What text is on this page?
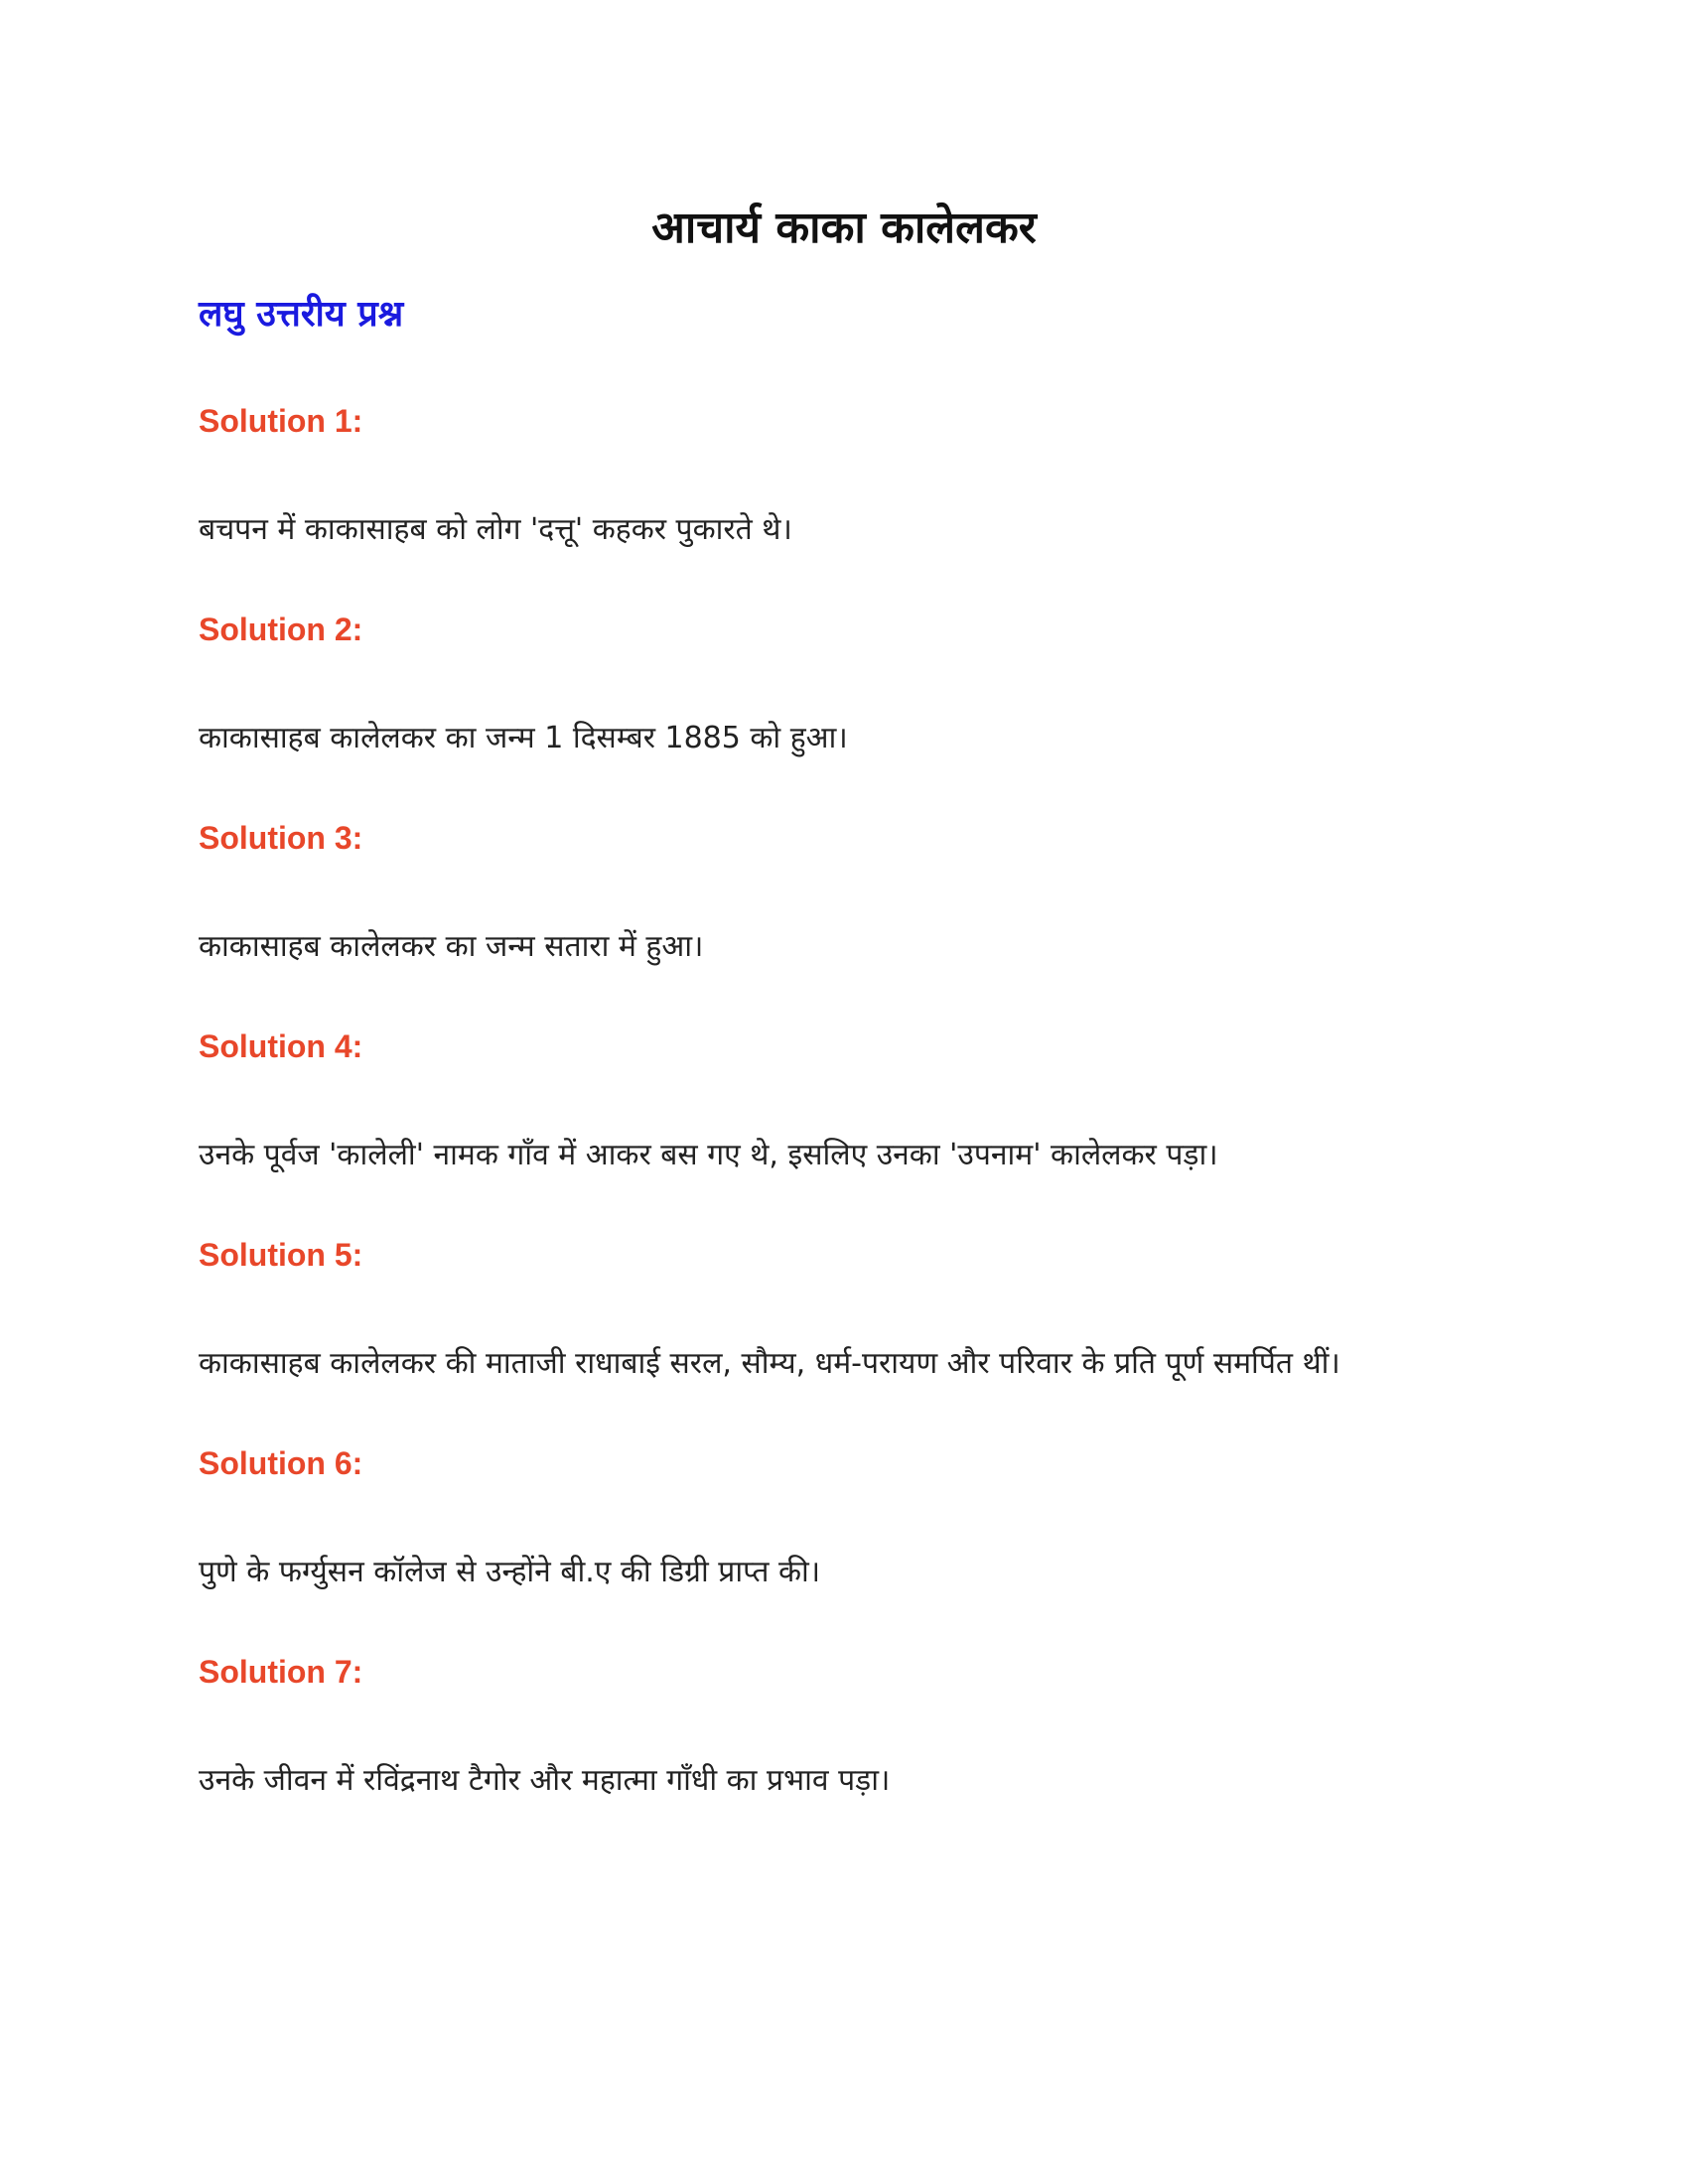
आचार्य काका कालेलकर
लघु उत्तरीय प्रश्न

Solution 1:

बचपन में काकासाहब को लोग 'दत्तू' कहकर पुकारते थे।

Solution 2:

काकासाहब कालेलकर का जन्म 1 दिसम्बर 1885 को हुआ।

Solution 3:

काकासाहब कालेलकर का जन्म सतारा में हुआ।

Solution 4:

उनके पूर्वज 'कालेली' नामक गाँव में आकर बस गए थे, इसलिए उनका 'उपनाम' कालेलकर पड़ा।

Solution 5:

काकासाहब कालेलकर की माताजी राधाबाई सरल, सौम्य, धर्म-परायण और परिवार के प्रति पूर्ण समर्पित थीं।

Solution 6:

पुणे के फर्ग्युसन कॉलेज से उन्होंने बी.ए की डिग्री प्राप्त की।

Solution 7:

उनके जीवन में रविंद्रनाथ टैगोर और महात्मा गाँधी का प्रभाव पड़ा।
